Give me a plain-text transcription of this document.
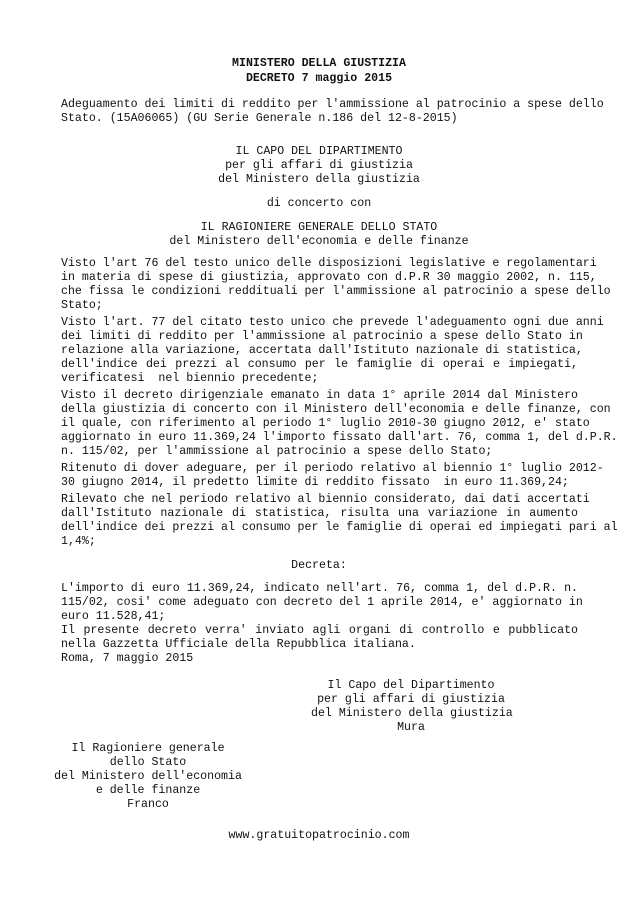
MINISTERO DELLA GIUSTIZIA
DECRETO 7 maggio 2015
Adeguamento dei limiti di reddito per l'ammissione al patrocinio a spese dello
Stato. (15A06065) (GU Serie Generale n.186 del 12-8-2015)
IL CAPO DEL DIPARTIMENTO
per gli affari di giustizia
del Ministero della giustizia
di concerto con
IL RAGIONIERE GENERALE DELLO STATO
del Ministero dell'economia e delle finanze
Visto l'art 76 del testo unico delle disposizioni legislative e regolamentari
in materia di spese di giustizia, approvato con d.P.R 30 maggio 2002, n. 115,
che fissa le condizioni reddituali per l'ammissione al patrocinio a spese dello
Stato;
Visto l'art. 77 del citato testo unico che prevede l'adeguamento ogni due anni
dei limiti di reddito per l'ammissione al patrocinio a spese dello Stato in
relazione alla variazione, accertata dall'Istituto nazionale di statistica,
dell'indice dei prezzi al consumo per le famiglie di operai e impiegati,
verificatesi  nel biennio precedente;
Visto il decreto dirigenziale emanato in data 1° aprile 2014 dal Ministero
della giustizia di concerto con il Ministero dell'economia e delle finanze, con
il quale, con riferimento al periodo 1° luglio 2010-30 giugno 2012, e' stato
aggiornato in euro 11.369,24 l'importo fissato dall'art. 76, comma 1, del d.P.R.
n. 115/02, per l'ammissione al patrocinio a spese dello Stato;
Ritenuto di dover adeguare, per il periodo relativo al biennio 1° luglio 2012-
30 giugno 2014, il predetto limite di reddito fissato  in euro 11.369,24;
Rilevato che nel periodo relativo al biennio considerato, dai dati accertati
dall'Istituto nazionale di statistica, risulta una variazione in aumento
dell'indice dei prezzi al consumo per le famiglie di operai ed impiegati pari al
1,4%;
Decreta:
L'importo di euro 11.369,24, indicato nell'art. 76, comma 1, del d.P.R. n.
115/02, cosi' come adeguato con decreto del 1 aprile 2014, e' aggiornato in
euro 11.528,41;
Il presente decreto verra' inviato agli organi di controllo e pubblicato
nella Gazzetta Ufficiale della Repubblica italiana.
Roma, 7 maggio 2015
Il Capo del Dipartimento
per gli affari di giustizia
del Ministero della giustizia
Mura
Il Ragioniere generale
dello Stato
del Ministero dell'economia
e delle finanze
Franco
www.gratuitopatrocinio.com
